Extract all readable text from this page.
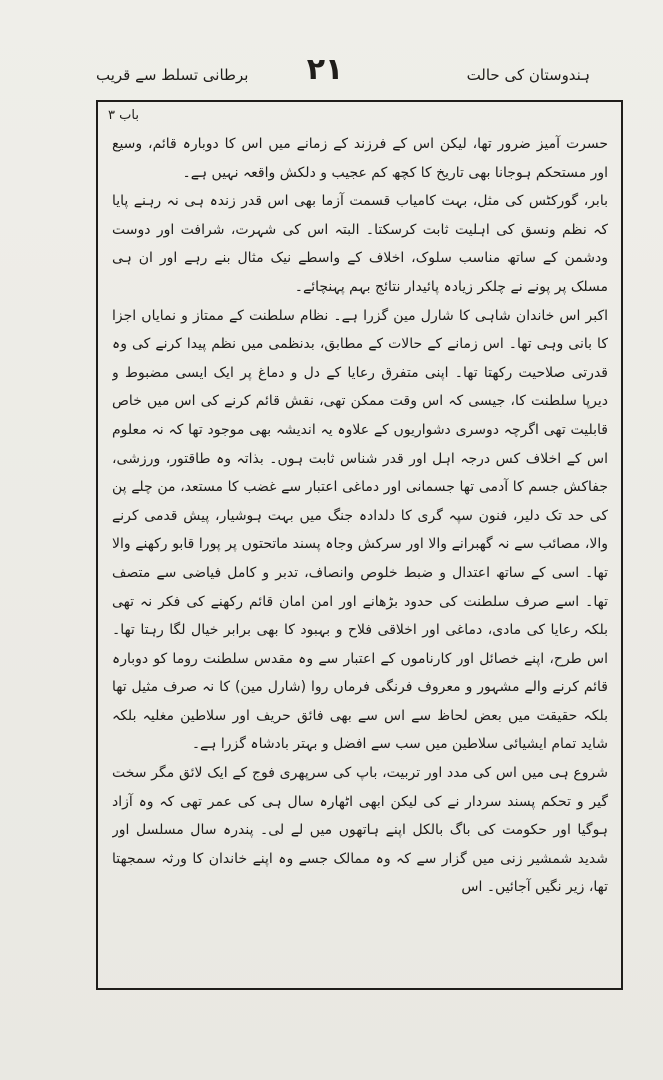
برطانی تسلط سے قریب	۲۱	ہندوستان کی حالت
باب ۳

حسرت آمیز ضرور تھا، لیکن اس کے فرزند کے زمانے میں اس کا دوبارہ قائم، وسیع اور مستحکم ہوجانا بھی تاریخ کا کچھ کم عجیب و دلکش واقعہ نہیں ہے۔

بابر، گورکٹس کی مثل، بہت کامیاب قسمت آزما بھی اس قدر زندہ ہی نہ رہنے پایا کہ نظم ونسق کی اہلیت ثابت کرسکتا۔ البتہ اس کی شہرت، شرافت اور دوست ودشمن کے ساتھ مناسب سلوک، اخلاف کے واسطے نیک مثال بنے رہے اور ان ہی مسلک پر پونے نے چلکر زیادہ پائیدار نتائج بہم پہنچائے۔

اکبر اس خاندان شاہی کا شارل مین گزرا ہے۔ نظام سلطنت کے ممتاز و نمایاں اجزا کا بانی وہی تھا۔ اس زمانے کے حالات کے مطابق، بدنظمی میں نظم پیدا کرنے کی وہ قدرتی صلاحیت رکھتا تھا۔ اپنی متفرق رعایا کے دل و دماغ پر ایک ایسی مضبوط و دیرپا سلطنت کا، جیسی کہ اس وقت ممکن تھی، نقش قائم کرنے کی اس میں خاص قابلیت تھی اگرچہ دوسری دشواریوں کے علاوہ یہ اندیشہ بھی موجود تھا کہ نہ معلوم اس کے اخلاف کس درجہ اہل اور قدر شناس ثابت ہوں۔ بذاتہ وہ طاقتور، ورزشی، جفاکش جسم کا آدمی تھا جسمانی اور دماغی اعتبار سے غضب کا مستعد، من چلے پن کی حد تک دلیر، فنون سپہ گری کا دلدادہ جنگ میں بہت ہوشیار، پیش قدمی کرنے والا، مصائب سے نہ گھبرانے والا اور سرکش وجاہ پسند ماتحتوں پر پورا قابو رکھنے والا تھا۔ اسی کے ساتھ اعتدال و ضبط خلوص وانصاف، تدبر و کامل فیاضی سے متصف تھا۔ اسے صرف سلطنت کی حدود بڑھانے اور امن امان قائم رکھنے کی فکر نہ تھی بلکہ رعایا کی مادی، دماغی اور اخلاقی فلاح و بہبود کا بھی برابر خیال لگا رہتا تھا۔ اس طرح، اپنے خصائل اور کارناموں کے اعتبار سے وہ مقدس سلطنت روما کو دوبارہ قائم کرنے والے مشہور و معروف فرنگی فرماں روا (شارل مین) کا نہ صرف مثیل تھا بلکہ حقیقت میں بعض لحاظ سے اس سے بھی فائق حریف اور سلاطین مغلیہ بلکہ شاید تمام ایشیائی سلاطین میں سب سے افضل و بہتر بادشاہ گزرا ہے۔

شروع ہی میں اس کی مدد اور تربیت، باپ کی سرپھری فوج کے ایک لائق مگر سخت گیر و تحکم پسند سردار نے کی لیکن ابھی اٹھارہ سال ہی کی عمر تھی کہ وہ آزاد ہوگیا اور حکومت کی باگ بالکل اپنے ہاتھوں میں لے لی۔ پندرہ سال مسلسل اور شدید شمشیر زنی میں گزار سے کہ وہ ممالک جسے وہ اپنے خاندان کا ورثہ سمجھتا تھا، زیر نگیں آجائیں۔ اس
